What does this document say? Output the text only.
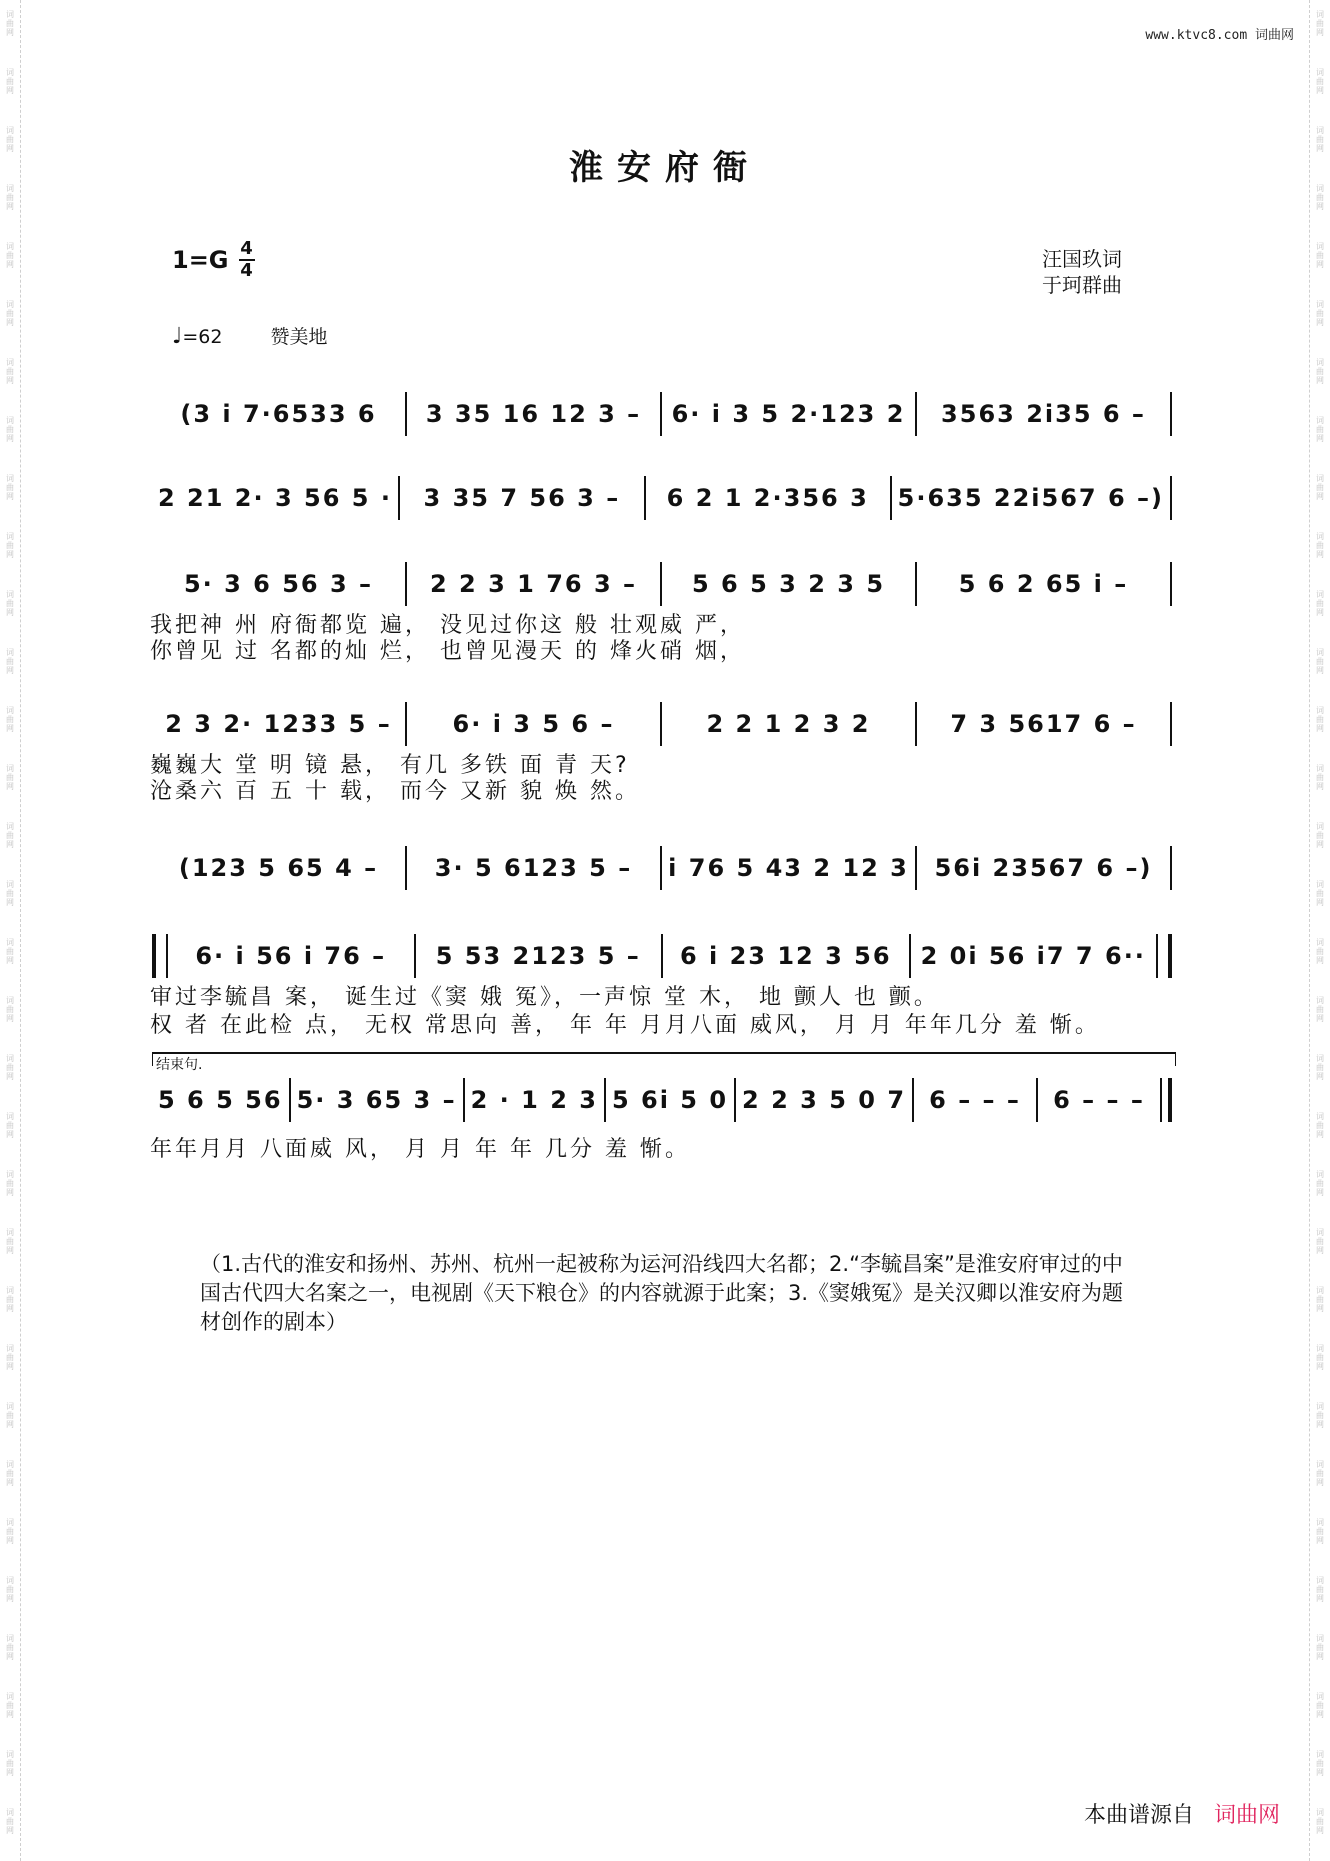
词
曲
网
词
曲
网
词
曲
网
词
曲
网
词
曲
网
词
曲
网
词
曲
网
词
曲
网
词
曲
网
词
曲
网
词
曲
网
词
曲
网
词
曲
网
词
曲
网
词
曲
网
词
曲
网
词
曲
网
词
曲
网
词
曲
网
词
曲
网
词
曲
网
词
曲
网
词
曲
网
词
曲
网
词
曲
网
词
曲
网
词
曲
网
词
曲
网
词
曲
网
词
曲
网
词
曲
网
词
曲
网
词
曲
网
词
曲
网
词
曲
网
词
曲
网
词
曲
网
词
曲
网
词
曲
网
词
曲
网
词
曲
网
词
曲
网
词
曲
网
词
曲
网
词
曲
网
词
曲
网
词
曲
网
词
曲
网
词
曲
网
词
曲
网
词
曲
网
词
曲
网
词
曲
网
词
曲
网
词
曲
网
词
曲
网
词
曲
网
词
曲
网
词
曲
网
词
曲
网
词
曲
网
词
曲
网
词
曲
网
词
曲
网
www.ktvc8.com 词曲网
淮安府衙
$1=G \frac{4}{4}$	汪国玖词
于珂群曲
♩=62	赞美地
(3 i 7·6533 6	3 35 16 12 3 –	6· i 3 5 2·123 2	3563 2i35 6 –
2 21 2· 3 56 5 ·	3 35 7 56 3 –	6 2 1 2·356 3	5·635 22i567 6 –)
5· 3 6 56 3 –	2 2 3 1 76 3 –	5 6 5 3 2 3 5	5 6 2 65 i –
我把神 州 府衙都览 遍， 没见过你这 般 壮观威 严，
你曾见 过 名都的灿 烂， 也曾见漫天 的 烽火硝 烟，
2 3 2· 1233 5 –	6· i 3 5 6 –	2 2 1 2 3 2	7 3 5617 6 –
巍巍大 堂 明 镜 悬， 有几 多铁 面 青 天?
沧桑六 百 五 十 载， 而今 又新 貌 焕 然。
(123 5 65 4 –	3· 5 6123 5 –	i 76 5 43 2 12 3	56i 23567 6 –)
6· i 56 i 76 –	5 53 2123 5 –	6 i 23 12 3 56	2 0i 56 i7 7 6··
审过李毓昌 案， 诞生过《窦 娥 冤》，一声惊 堂 木， 地 颤人 也 颤。
权 者 在此检 点， 无权 常思向 善， 年 年 月月八面 威风， 月 月 年年几分 羞 惭。
结束句.
5 6 5 56 5· 3 65 3 – 2 · 1 2 3 5 6i 5 0 2 2 3 5 0 7 6 – – –	6 – – –
年年月月 八面威 风， 月 月 年 年 几分 羞 惭。
（1.古代的淮安和扬州、苏州、杭州一起被称为运河沿线四大名都；2.“李毓昌案”是淮安府审过的中国古代四大名案之一，电视剧《天下粮仓》的内容就源于此案；3.《窦娥冤》是关汉卿以淮安府为题材创作的剧本）
本曲谱源自 词曲网
